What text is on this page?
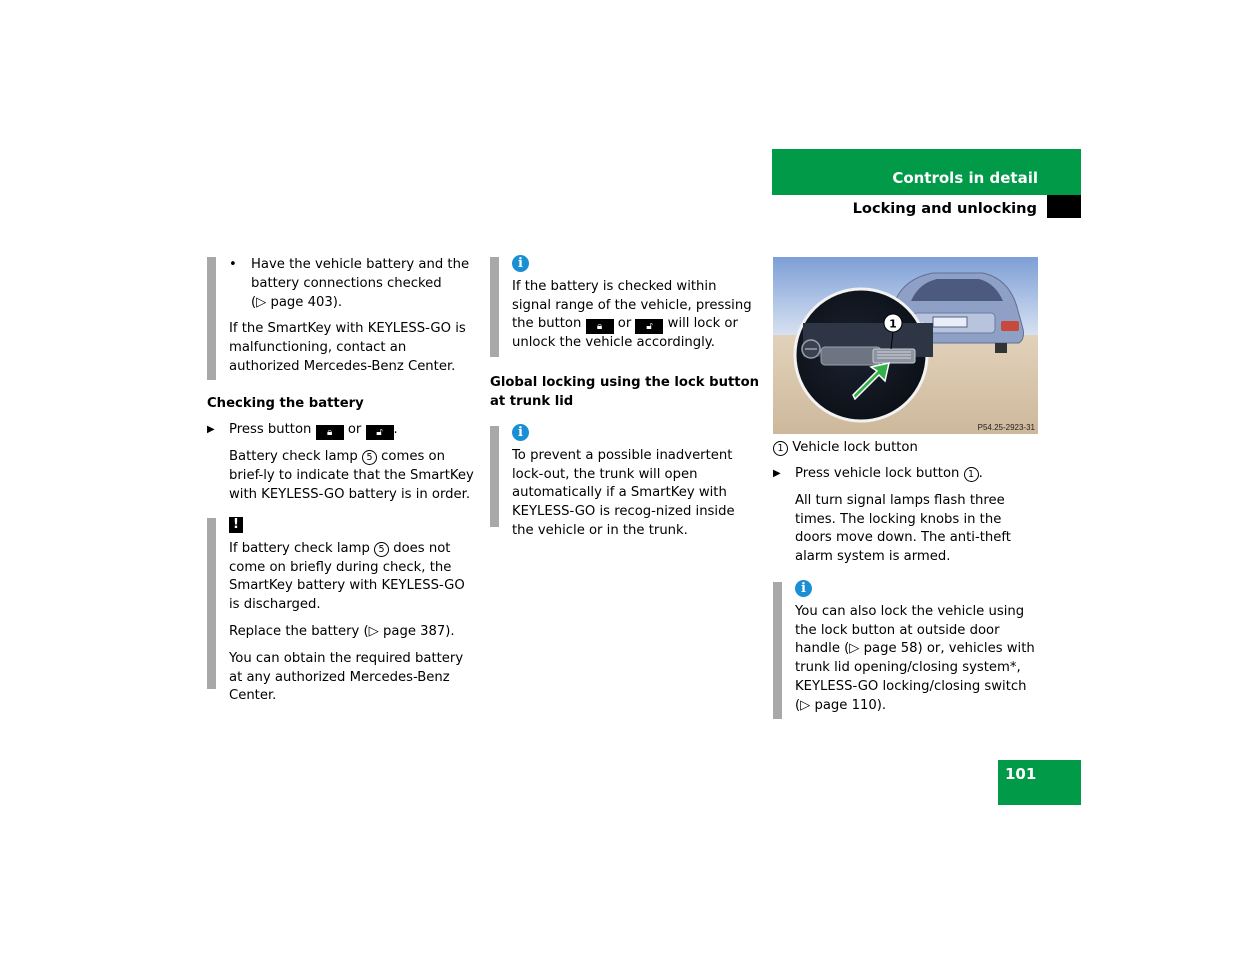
Controls in detail
Locking and unlocking
• Have the vehicle battery and the
battery connections checked
(▷ page 403).

If the SmartKey with KEYLESS-GO is malfunctioning, contact an authorized Mercedes-Benz Center.

Checking the battery
▶ Press button 🔒︎ or 🔓︎ .

Battery check lamp 5 comes on brief-ly to indicate that the SmartKey with KEYLESS-GO battery is in order.

!

If battery check lamp 5 does not come on briefly during check, the SmartKey battery with KEYLESS-GO is discharged.

Replace the battery (▷ page 387).

You can obtain the required battery at any authorized Mercedes-Benz Center.

i

If the battery is checked within signal range of the vehicle, pressing the button 🔒︎ or 🔓︎ will lock or unlock the vehicle accordingly.

Global locking using the lock button at trunk lid
i

To prevent a possible inadvertent lock-out, the trunk will open automatically if a SmartKey with KEYLESS-GO is recog-nized inside the vehicle or in the trunk.

1
P54.25-2923-31
1 Vehicle lock button
▶ Press vehicle lock button 1 .

All turn signal lamps flash three times. The locking knobs in the doors move down. The anti-theft alarm system is armed.

i

You can also lock the vehicle using the lock button at outside door handle (▷ page 58) or, vehicles with trunk lid opening/closing system*, KEYLESS-GO locking/closing switch (▷ page 110).

101
